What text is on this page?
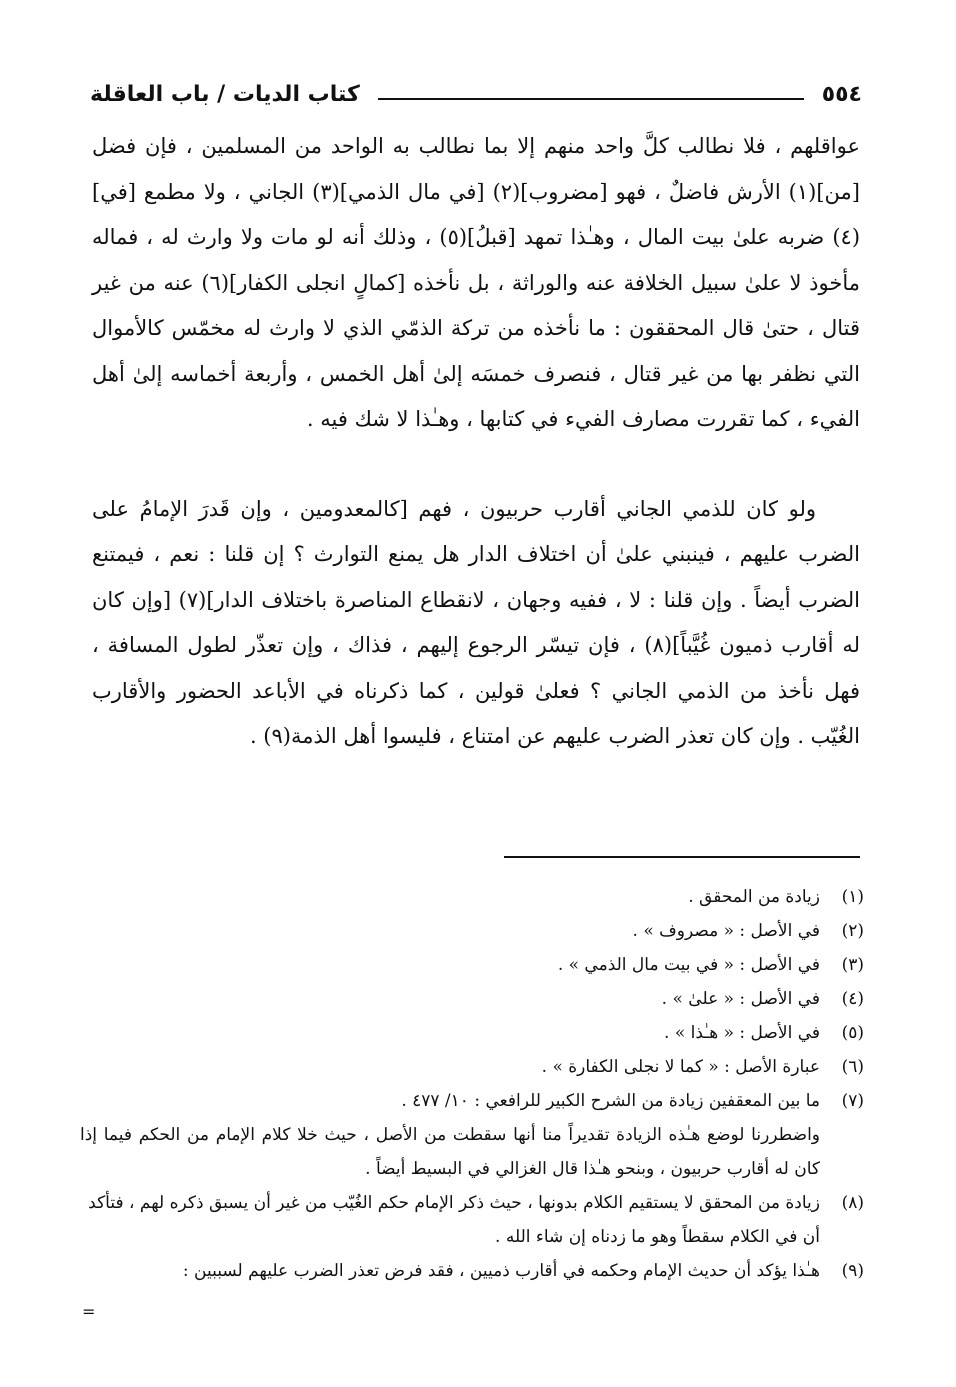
٥٥٤
كتاب الديات / باب العاقلة

عواقلهم ، فلا نطالب كلَّ واحد منهم إلا بما نطالب به الواحد من المسلمين ، فإن فضل [من](١) الأرش فاضلٌ ، فهو [مضروب](٢) [في مال الذمي](٣) الجاني ، ولا مطمع [في](٤) ضربه علىٰ بيت المال ، وهـٰذا تمهد [قبلُ](٥) ، وذلك أنه لو مات ولا وارث له ، فماله مأخوذ لا علىٰ سبيل الخلافة عنه والوراثة ، بل نأخذه [كمالٍ انجلى الكفار](٦) عنه من غير قتال ، حتىٰ قال المحققون : ما نأخذه من تركة الذمّي الذي لا وارث له مخمّس كالأموال التي نظفر بها من غير قتال ، فنصرف خمسَه إلىٰ أهل الخمس ، وأربعة أخماسه إلىٰ أهل الفيء ، كما تقررت مصارف الفيء في كتابها ، وهـٰذا لا شك فيه .

ولو كان للذمي الجاني أقارب حربيون ، فهم [كالمعدومين ، وإن قَدرَ الإمامُ على الضرب عليهم ، فينبني علىٰ أن اختلاف الدار هل يمنع التوارث ؟ إن قلنا : نعم ، فيمتنع الضرب أيضاً . وإن قلنا : لا ، ففيه وجهان ، لانقطاع المناصرة باختلاف الدار](٧) [وإن كان له أقارب ذميون غُيَّباً](٨) ، فإن تيسّر الرجوع إليهم ، فذاك ، وإن تعذّر لطول المسافة ، فهل نأخذ من الذمي الجاني ؟ فعلىٰ قولين ، كما ذكرناه في الأباعد الحضور والأقارب الغُيّب . وإن كان تعذر الضرب عليهم عن امتناع ، فليسوا أهل الذمة(٩) .

(١)
زيادة من المحقق .
(٢)
في الأصل : « مصروف » .
(٣)
في الأصل : « في بيت مال الذمي » .
(٤)
في الأصل : « علىٰ » .
(٥)
في الأصل : « هـٰذا » .
(٦)
عبارة الأصل : « كما لا نجلى الكفارة » .
(٧)
ما بين المعقفين زيادة من الشرح الكبير للرافعي : ١٠/ ٤٧٧ .
واضطررنا لوضع هـٰذه الزيادة تقديراً منا أنها سقطت من الأصل ، حيث خلا كلام الإمام من الحكم فيما إذا كان له أقارب حربيون ، وبنحو هـٰذا قال الغزالي في البسيط أيضاً .
(٨)
زيادة من المحقق لا يستقيم الكلام بدونها ، حيث ذكر الإمام حكم الغُيّب من غير أن يسبق ذكره لهم ، فتأكد أن في الكلام سقطاً وهو ما زدناه إن شاء الله .
(٩)
هـٰذا يؤكد أن حديث الإمام وحكمه في أقارب ذميين ، فقد فرض تعذر الضرب عليهم لسببين :
=
